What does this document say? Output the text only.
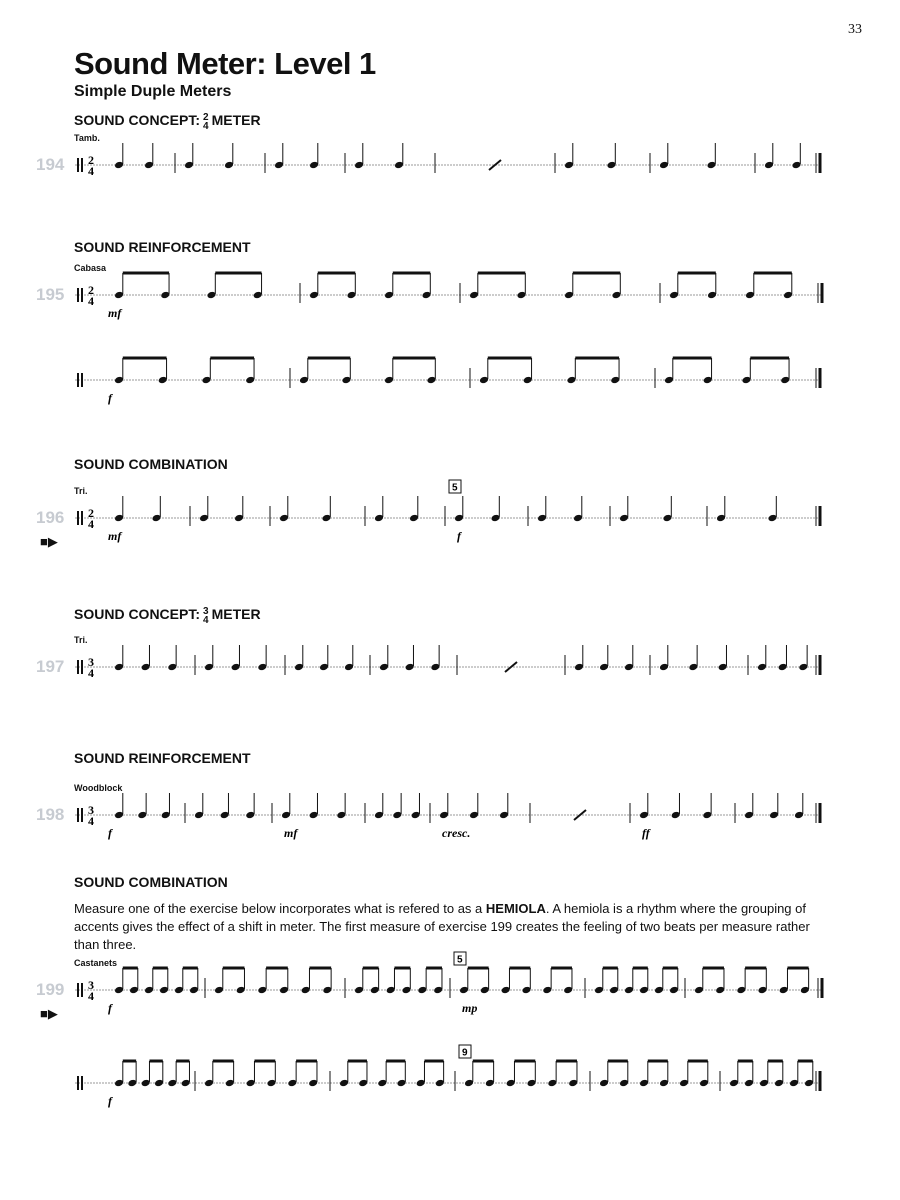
33
Sound Meter: Level 1
Simple Duple Meters
SOUND CONCEPT: 2
4 METER
SOUND REINFORCEMENT
SOUND COMBINATION
SOUND CONCEPT: 3
4 METER
SOUND REINFORCEMENT
SOUND COMBINATION

Measure one of the exercise below incorporates what is refered to as a HEMIOLA. A hemiola is a rhythm where the grouping of accents gives the effect of a shift in meter. The first measure of exercise 199 creates the feeling of two beats per measure rather than three.

2
4
194
Tamb.
2
4
mf
195
Cabasa
f
2
4
mf	f
5
196
Tri.
■▶
3
4
197
Tri.
3
4
f	mf	cresc.	ff
198
Woodblock
3
4
f	mp
5
199
Castanets
■▶
f
9
